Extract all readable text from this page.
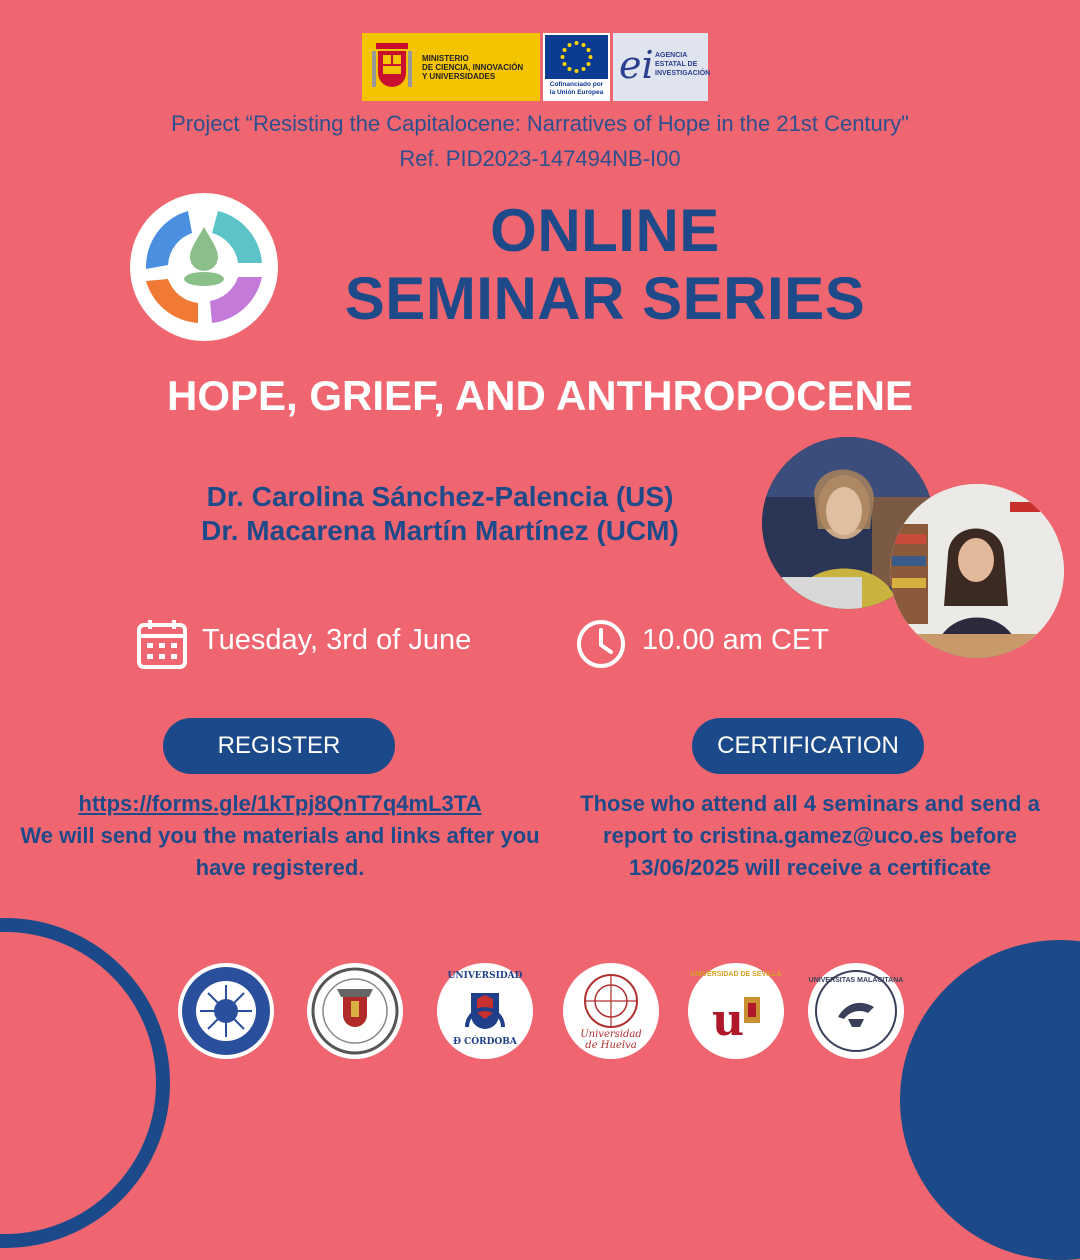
MINISTERIO
DE CIENCIA, INNOVACIÓN
Y UNIVERSIDADES
Cofinanciado por
la Unión Europea
ei AGENCIA
ESTATAL DE
INVESTIGACIÓN
Project “Resisting the Capitalocene: Narratives of Hope in the 21st Century"
Ref. PID2023-147494NB-I00
ONLINE
SEMINAR SERIES
HOPE, GRIEF, AND ANTHROPOCENE
Dr. Carolina Sánchez-Palencia (US)
Dr. Macarena Martín Martínez (UCM)
Tuesday, 3rd of June	10.00 am CET
REGISTER	CERTIFICATION
https://forms.gle/1kTpj8QnT7q4mL3TA
We will send you the materials and links after you have registered.
Those who attend all 4 seminars and send a report to cristina.gamez@uco.es before 13/06/2025 will receive a certificate
UNIVERSIDAD
Ð CÓRDOBA
Universidad de Huelva u
UNIVERSIDAD DE SEVILLA
UNIVERSITAS MALACITANA
